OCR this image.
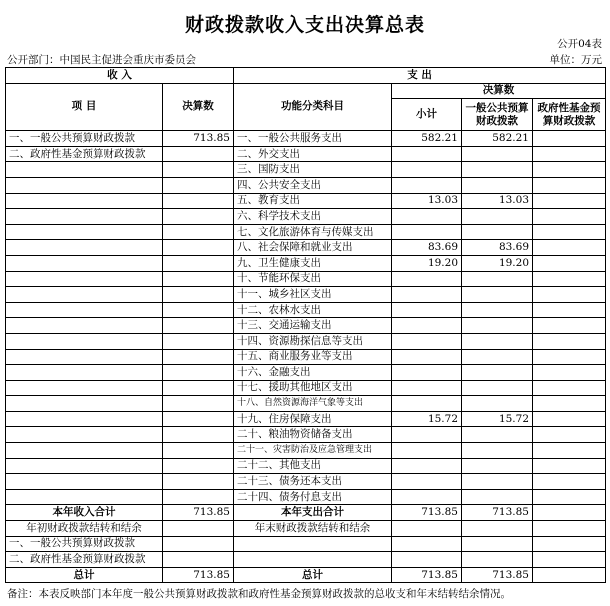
财政拨款收入支出决算总表
公开04表
公开部门：中国民主促进会重庆市委员会	单位：万元
收 入		支 出			
项 目	决算数	功能分类科目	决算数		
			小计	一般公共预算财政拨款	政府性基金预算财政拨款
一、一般公共预算财政拨款	713.85	一、一般公共服务支出	582.21	582.21	
二、政府性基金预算财政拨款		二、外交支出			
		三、国防支出			
		四、公共安全支出			
		五、教育支出	13.03	13.03	
		六、科学技术支出			
		七、文化旅游体育与传媒支出			
		八、社会保障和就业支出	83.69	83.69	
		九、卫生健康支出	19.20	19.20	
		十、节能环保支出			
		十一、城乡社区支出			
		十二、农林水支出			
		十三、交通运输支出			
		十四、资源勘探信息等支出			
		十五、商业服务业等支出			
		十六、金融支出			
		十七、援助其他地区支出			
		十八、自然资源海洋气象等支出			
		十九、住房保障支出	15.72	15.72	
		二十、粮油物资储备支出			
		二十一、灾害防治及应急管理支出			
		二十二、其他支出			
		二十三、债务还本支出			
		二十四、债务付息支出			
本年收入合计	713.85	本年支出合计	713.85	713.85	
年初财政拨款结转和结余		年末财政拨款结转和结余			
一、一般公共预算财政拨款					
二、政府性基金预算财政拨款					
总计	713.85	总计	713.85	713.85	
备注：本表反映部门本年度一般公共预算财政拨款和政府性基金预算财政拨款的总收支和年末结转结余情况。
